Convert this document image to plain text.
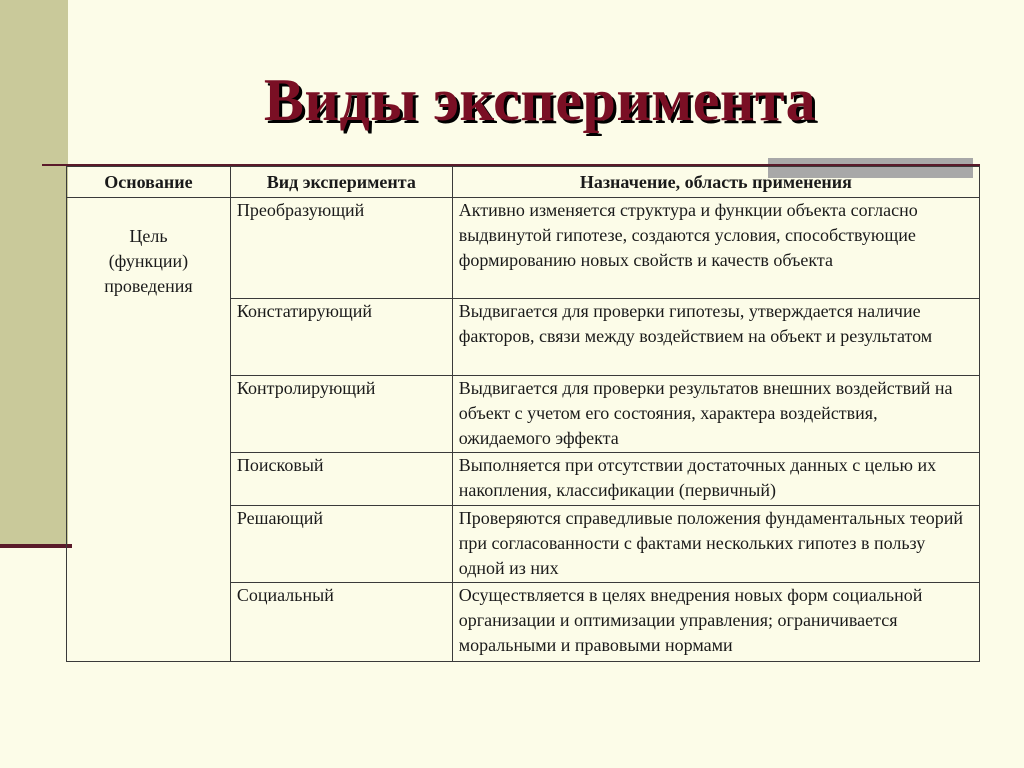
Виды эксперимента
Основание	Вид эксперимента	Назначение, область применения

Цель
(функции)
проведения	Преобразующий	Активно изменяется структура и функции объекта согласно выдвинутой гипотезе, создаются условия, способствующие формированию новых свойств и качеств объекта
	Констатирующий	Выдвигается для проверки гипотезы, утверждается наличие факторов, связи между воздействием на объект и результатом
	Контролирующий	Выдвигается для проверки результатов внешних воздействий на объект с учетом его состояния, характера воздействия, ожидаемого эффекта
	Поисковый	Выполняется при отсутствии достаточных данных с целью их накопления, классификации (первичный)
	Решающий	Проверяются справедливые положения фундаментальных теорий при согласованности с фактами нескольких гипотез в пользу одной из них
	Социальный	Осуществляется в целях внедрения новых форм социальной организации и оптимизации управления; ограничивается моральными и правовыми нормами
